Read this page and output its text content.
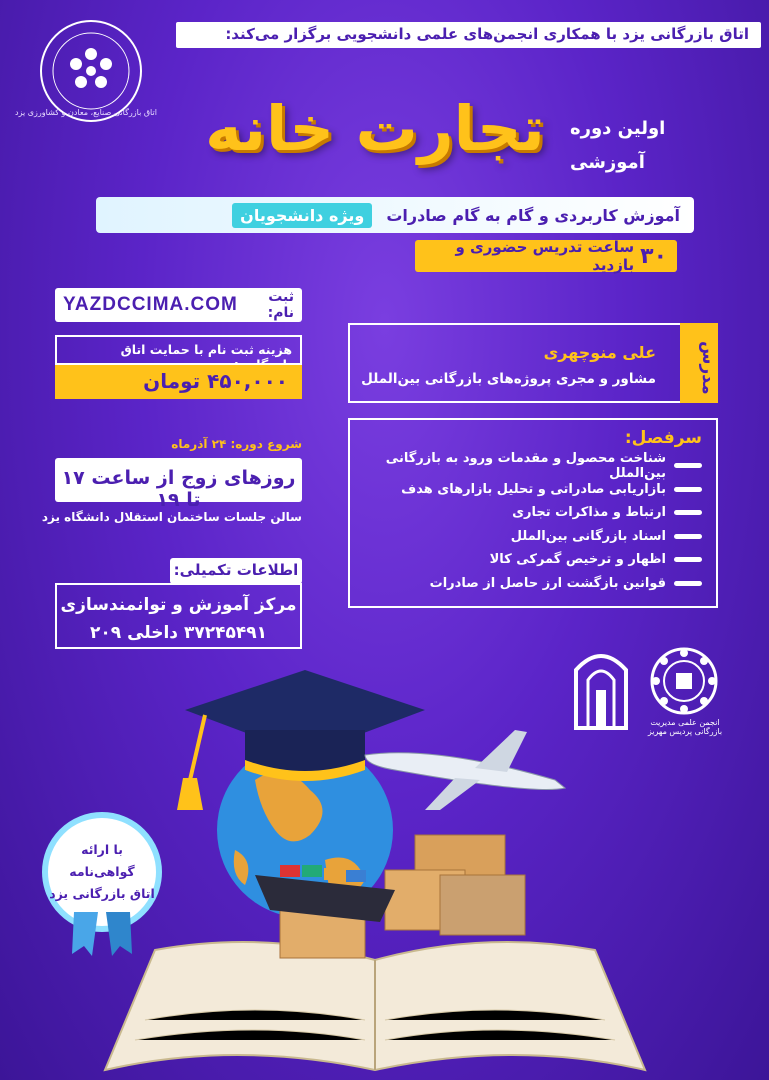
اتاق بازرگانی یزد با همکاری انجمن‌های علمی دانشجویی برگزار می‌کند:
اتاق بازرگانی صنایع، معادن و کشاورزی یزد
اولین دوره
آموزشی
تجارت خانه
آموزش کاربردی و گام به گام صادرات
ویژه دانشجویان
۳۰
ساعت تدریس حضوری و بازدید
ثبت نام:
YAZDCCIMA.COM
هزینه ثبت نام با حمایت اتاق
۴۵۰,۰۰۰ تومان
شروع دوره: ۲۴ آذرماه
روزهای زوج از ساعت ۱۷ تا ۱۹
سالن جلسات ساختمان استقلال دانشگاه یزد
اطلاعات تکمیلی:
مرکز آموزش و توانمندسازی
۳۷۲۴۵۴۹۱ داخلی ۲۰۹
مدرس
علی منوچهری
مشاور و مجری پروژه‌های بازرگانی بین‌الملل
سرفصل:
شناخت محصول و مقدمات ورود به بازرگانی بین‌الملل
بازاریابی صادراتی و تحلیل بازارهای هدف
ارتباط و مذاکرات تجاری
اسناد بازرگانی بین‌الملل
اظهار و ترخیص گمرکی کالا
قوانین بازگشت ارز حاصل از صادرات
انجمن علمی مدیریت بازرگانی پردیس مهریز
با ارائه گواهی‌نامه
اتاق بازرگانی یزد
